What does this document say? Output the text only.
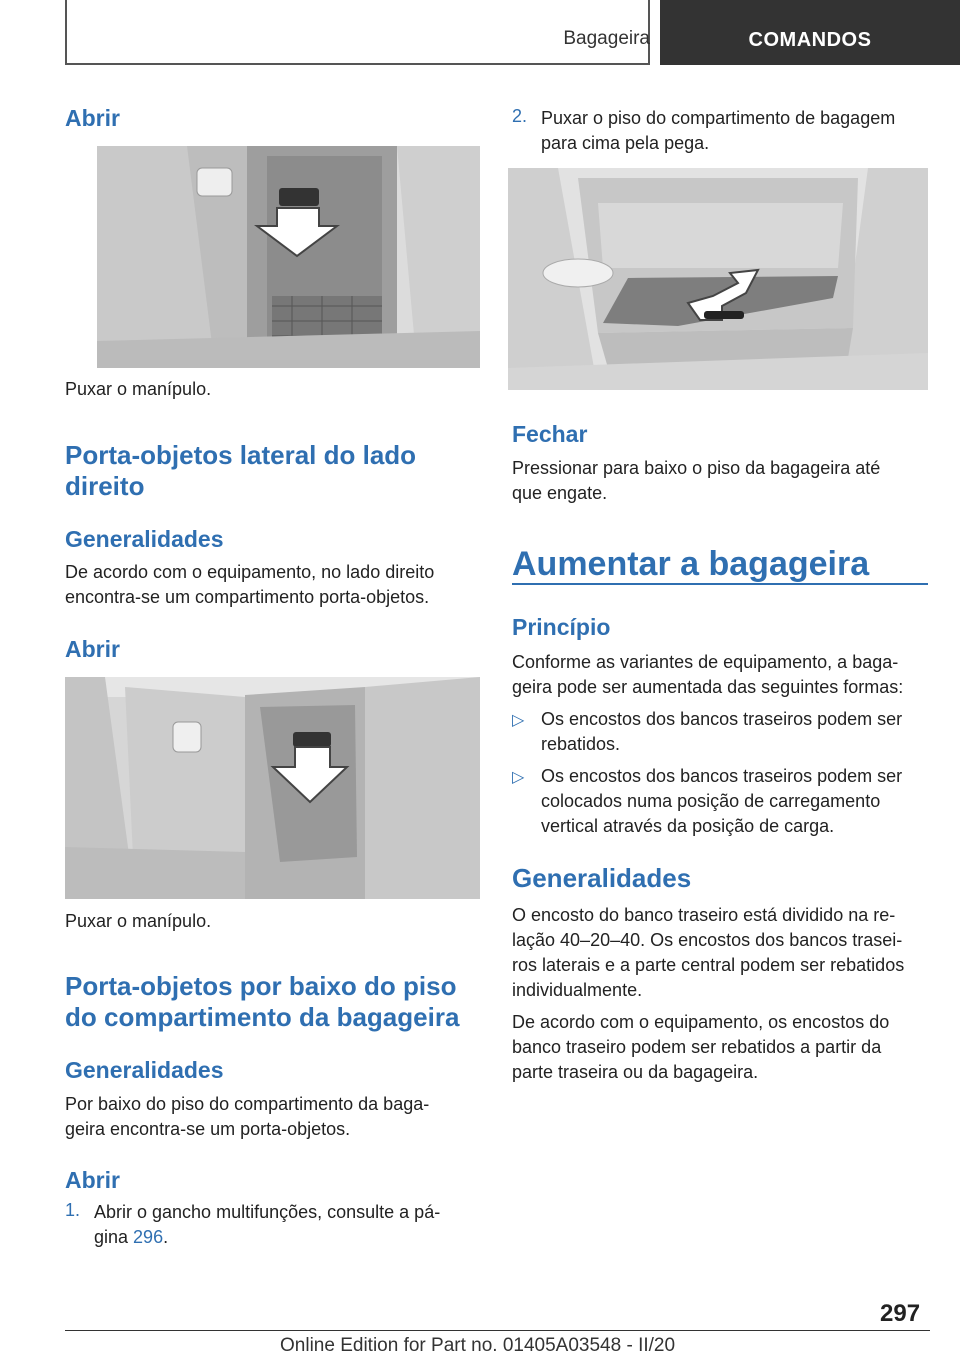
Bagageira	COMANDOS
Abrir
Puxar o manípulo.
Porta-objetos lateral do lado
direito
Generalidades
De acordo com o equipamento, no lado direito
encontra-se um compartimento porta-objetos.
Abrir
Puxar o manípulo.
Porta-objetos por baixo do piso
do compartimento da bagageira
Generalidades
Por baixo do piso do compartimento da baga-
geira encontra-se um porta-objetos.
Abrir
1. Abrir o gancho multifunções, consulte a pá-
gina 296.
2. Puxar o piso do compartimento de bagagem
para cima pela pega.
Fechar
Pressionar para baixo o piso da bagageira até
que engate.
Aumentar a bagageira
Princípio
Conforme as variantes de equipamento, a baga-
geira pode ser aumentada das seguintes formas:
▷ Os encostos dos bancos traseiros podem ser
rebatidos.
▷ Os encostos dos bancos traseiros podem ser
colocados numa posição de carregamento
vertical através da posição de carga.
Generalidades
O encosto do banco traseiro está dividido na re-
lação 40–20–40. Os encostos dos bancos trasei-
ros laterais e a parte central podem ser rebatidos
individualmente.
De acordo com o equipamento, os encostos do
banco traseiro podem ser rebatidos a partir da
parte traseira ou da bagageira.
297
Online Edition for Part no. 01405A03548 - II/20
